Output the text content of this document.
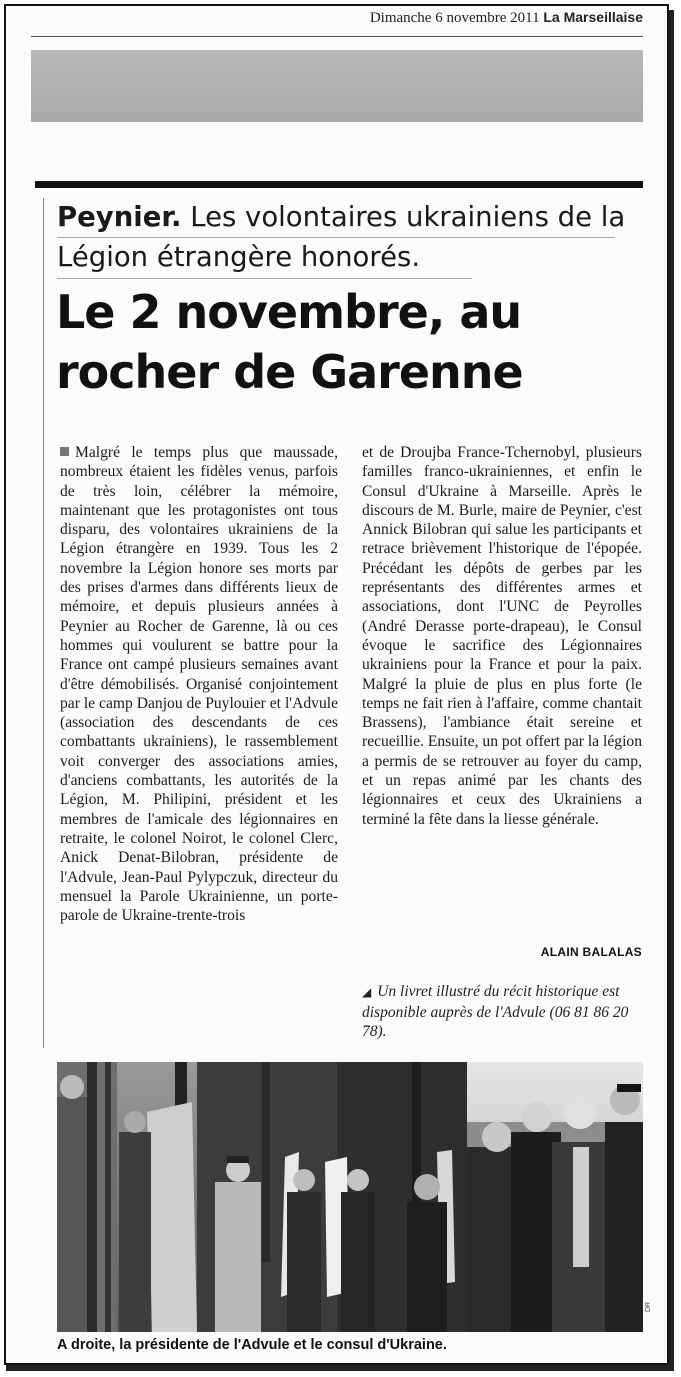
Dimanche 6 novembre 2011 La Marseillaise
Peynier. Les volontaires ukrainiens de la Légion étrangère honorés.
Le 2 novembre, au rocher de Garenne

Malgré le temps plus que maussade, nombreux étaient les fidèles venus, parfois de très loin, célébrer la mémoire, maintenant que les protagonistes ont tous disparu, des volontaires ukrainiens de la Légion étrangère en 1939. Tous les 2 novembre la Légion honore ses morts par des prises d'armes dans différents lieux de mémoire, et depuis plusieurs années à Peynier au Rocher de Garenne, là ou ces hommes qui voulurent se battre pour la France ont campé plusieurs semaines avant d'être démobilisés. Organisé conjointement par le camp Danjou de Puylouier et l'Advule (association des descendants de ces combattants ukrainiens), le rassemblement voit converger des associations amies, d'anciens combattants, les autorités de la Légion, M. Philipini, président et les membres de l'amicale des légionnaires en retraite, le colonel Noirot, le colonel Clerc, Anick Denat-Bilobran, présidente de l'Advule, Jean-Paul Pylypczuk, directeur du mensuel la Parole Ukrainienne, un porte-parole de Ukraine-trente-trois

et de Droujba France-Tchernobyl, plusieurs familles franco-ukrainiennes, et enfin le Consul d'Ukraine à Marseille. Après le discours de M. Burle, maire de Peynier, c'est Annick Bilobran qui salue les participants et retrace brièvement l'historique de l'épopée. Précédant les dépôts de gerbes par les représentants des différentes armes et associations, dont l'UNC de Peyrolles (André Derasse porte-drapeau), le Consul évoque le sacrifice des Légionnaires ukrainiens pour la France et pour la paix. Malgré la pluie de plus en plus forte (le temps ne fait rien à l'affaire, comme chantait Brassens), l'ambiance était sereine et recueillie. Ensuite, un pot offert par la légion a permis de se retrouver au foyer du camp, et un repas animé par les chants des légionnaires et ceux des Ukrainiens a terminé la fête dans la liesse générale.

ALAIN BALALAS
◢ Un livret illustré du récit historique est disponible auprès de l'Advule (06 81 86 20 78).
DR
A droite, la présidente de l'Advule et le consul d'Ukraine.
